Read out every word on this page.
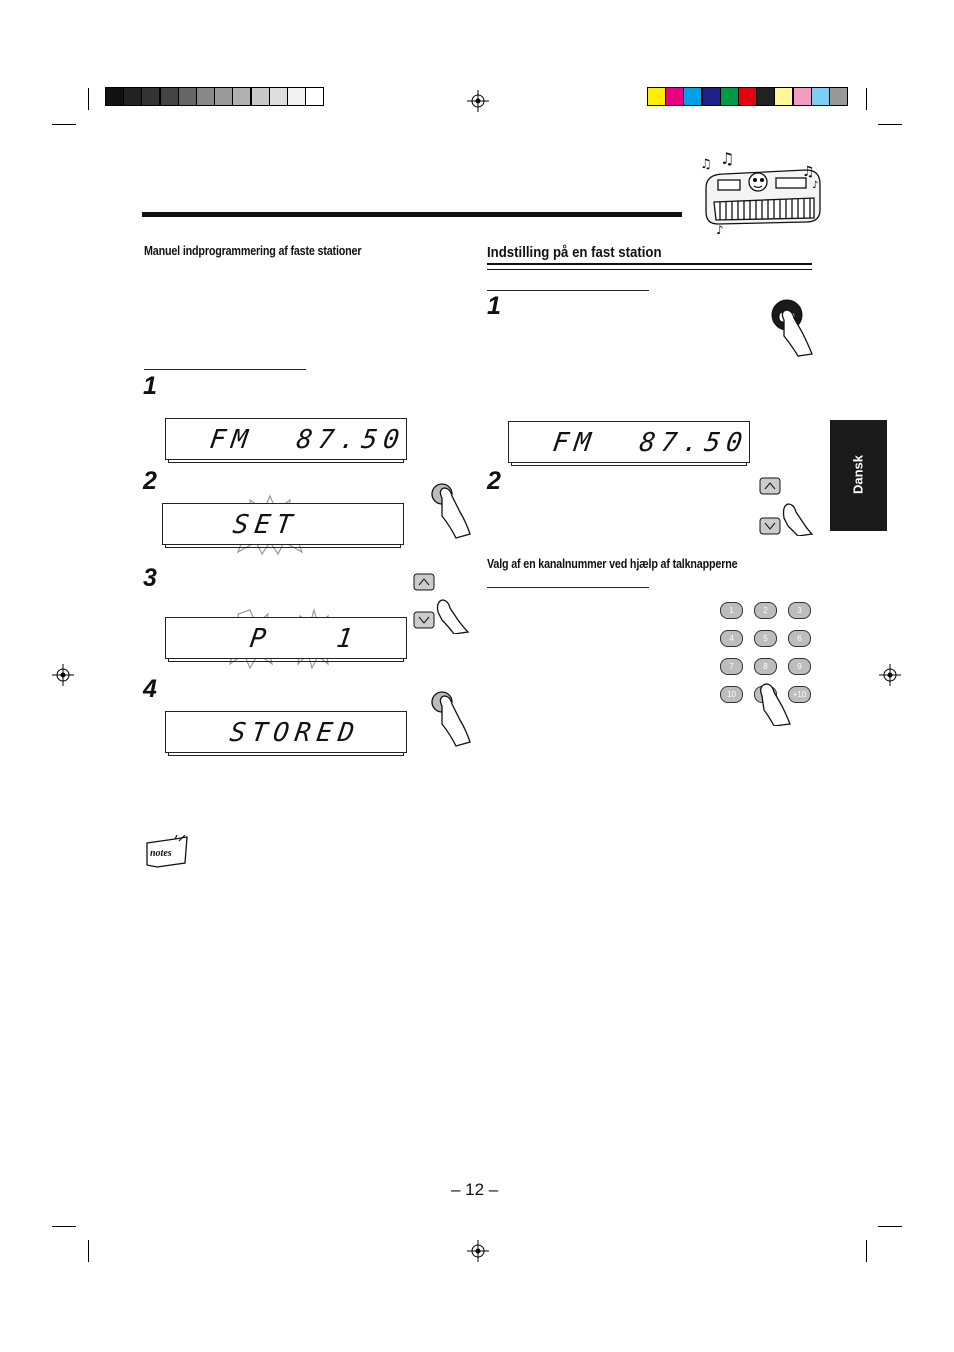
♫ ♫
♫
♪
♪
Manuel indprogrammering af faste stationer
1
FM  87.50
2
SET
3
P   1
4
STORED
notes
Indstilling på en fast station
1
FM  87.50
2
Valg af en kanalnummer ved hjælp af talknapperne
1	2	3
4	5	6
7	8	9
10	+10
Dansk
– 12 –
